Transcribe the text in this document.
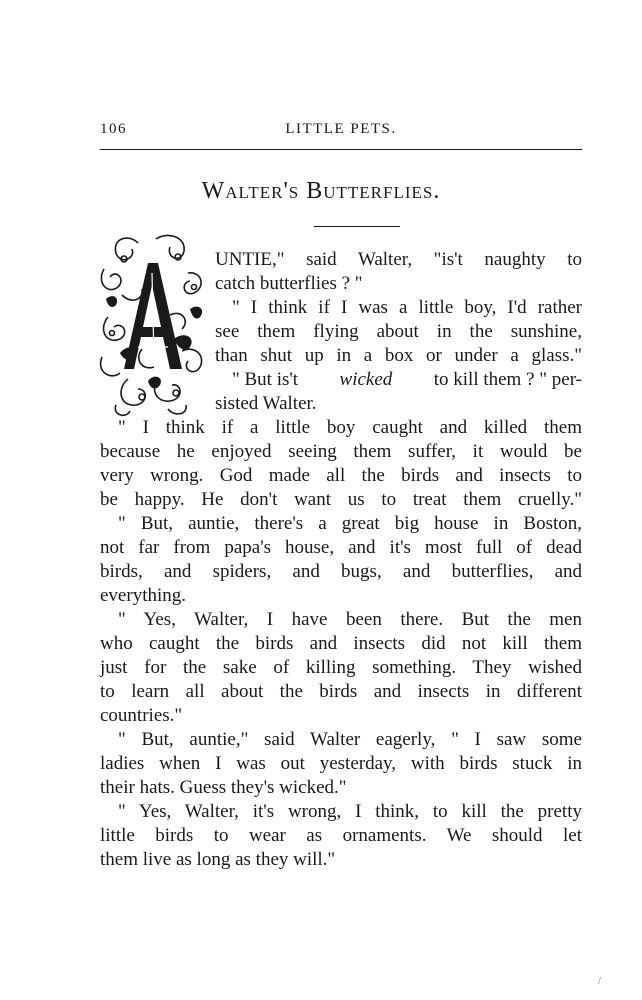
106	LITTLE PETS.
Walter's Butterflies.
UNTIE," said Walter, "is't naughty to
catch butterflies ? "
" I think if I was a little boy, I'd rather
see them flying about in the sunshine,
than shut up in a box or under a glass."
" But is't wicked to kill them ? " per-
sisted Walter.
" I think if a little boy caught and killed them
because he enjoyed seeing them suffer, it would be
very wrong. God made all the birds and insects to
be happy. He don't want us to treat them cruelly."
" But, auntie, there's a great big house in Boston,
not far from papa's house, and it's most full of dead
birds, and spiders, and bugs, and butterflies, and
everything.
" Yes, Walter, I have been there. But the men
who caught the birds and insects did not kill them
just for the sake of killing something. They wished
to learn all about the birds and insects in different
countries."
" But, auntie," said Walter eagerly, " I saw some
ladies when I was out yesterday, with birds stuck in
their hats. Guess they's wicked."
" Yes, Walter, it's wrong, I think, to kill the pretty
little birds to wear as ornaments. We should let
them live as long as they will."
/
